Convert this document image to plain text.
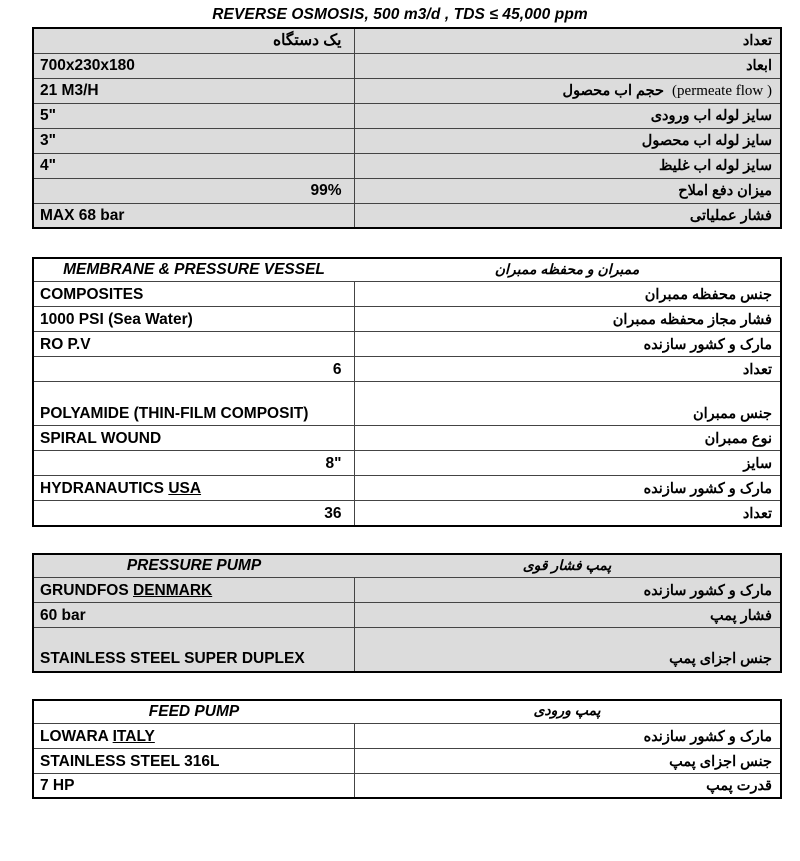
REVERSE OSMOSIS, 500 m3/d , TDS ≤ 45,000 ppm
یک دستگاه	تعداد
700x230x180	ابعاد
21 M3/H	(permeate flow )  حجم اب محصول
5"	سایز لوله اب ورودی
3"	سایز لوله اب محصول
4"	سایز لوله اب غلیظ
99%	میزان دفع املاح
MAX 68 bar	فشار عملیاتی
MEMBRANE & PRESSURE VESSEL	ممبران و محفظه ممبران
COMPOSITES	جنس محفظه ممبران
1000 PSI (Sea Water)	فشار مجاز محفظه ممبران
RO P.V	مارک و کشور سازنده
6	تعداد
POLYAMIDE (THIN-FILM COMPOSIT)	جنس ممبران
SPIRAL WOUND	نوع ممبران
8"	سایز
HYDRANAUTICS USA	مارک و کشور سازنده
36	تعداد
PRESSURE PUMP	پمپ فشار قوی
GRUNDFOS DENMARK	مارک و کشور سازنده
60 bar	فشار پمپ
STAINLESS STEEL SUPER DUPLEX	جنس اجزای پمپ
FEED PUMP	پمپ ورودی
LOWARA ITALY	مارک و کشور سازنده
STAINLESS STEEL 316L	جنس اجزای پمپ
7 HP	قدرت پمپ
